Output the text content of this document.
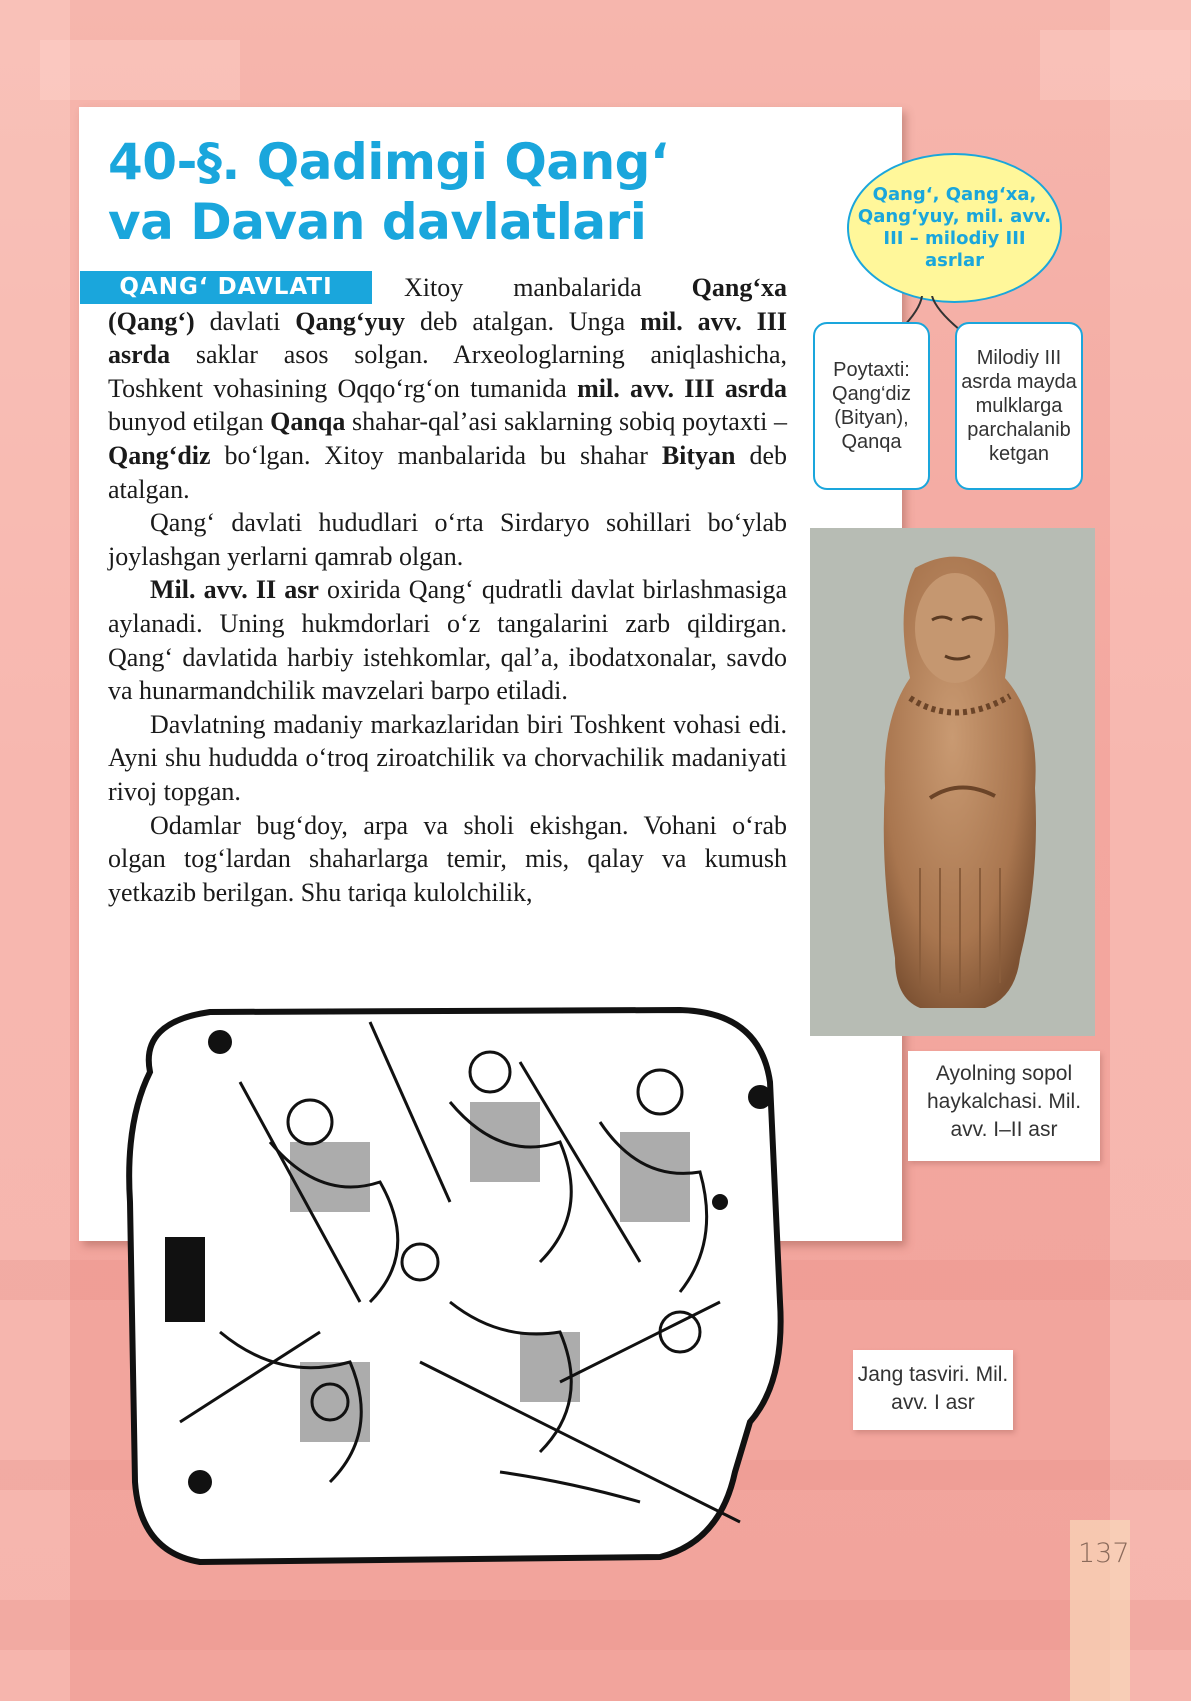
40-§. Qadimgi Qang‘ va Davan davlatlari

Xitoy manbalarida Qang‘xa (Qang‘) davlati Qang‘yuy deb atalgan. Unga mil. avv. III asrda saklar asos solgan. Arxeologlarning aniqlashicha, Toshkent vohasining Oqqo‘rg‘on tumanida mil. avv. III asrda bunyod etilgan Qanqa shahar-qal’asi saklarning sobiq poytaxti – Qang‘diz bo‘lgan. Xitoy manbalarida bu shahar Bityan deb atalgan.

Qang‘ davlati hududlari o‘rta Sirdaryo sohillari bo‘ylab joylashgan yerlarni qamrab olgan.

Mil. avv. II asr oxirida Qang‘ qudratli davlat birlashmasiga aylanadi. Uning hukmdorlari o‘z tangalarini zarb qildirgan. Qang‘ davlatida harbiy istehkomlar, qal’a, ibodatxonalar, savdo va hunarmandchilik mavzelari barpo etiladi.

Davlatning madaniy markazlaridan biri Toshkent vohasi edi. Ayni shu hududda o‘troq ziroatchilik va chorvachilik madaniyati rivoj topgan.

Odamlar bug‘doy, arpa va sholi ekishgan. Vohani o‘rab olgan tog‘lardan shaharlarga temir, mis, qalay va kumush yetkazib berilgan. Shu tariqa kulolchilik,

QANG‘ DAVLATI
Qang‘, Qang‘xa, Qang‘yuy, mil. avv. III – milodiy III asrlar
Poytaxti: Qang‘diz (Bityan), Qanqa
Milodiy III asrda mayda mulklarga parchalanib ketgan
Ayolning sopol haykalchasi. Mil. avv. I–II asr
Jang tasviri. Mil. avv. I asr
137
